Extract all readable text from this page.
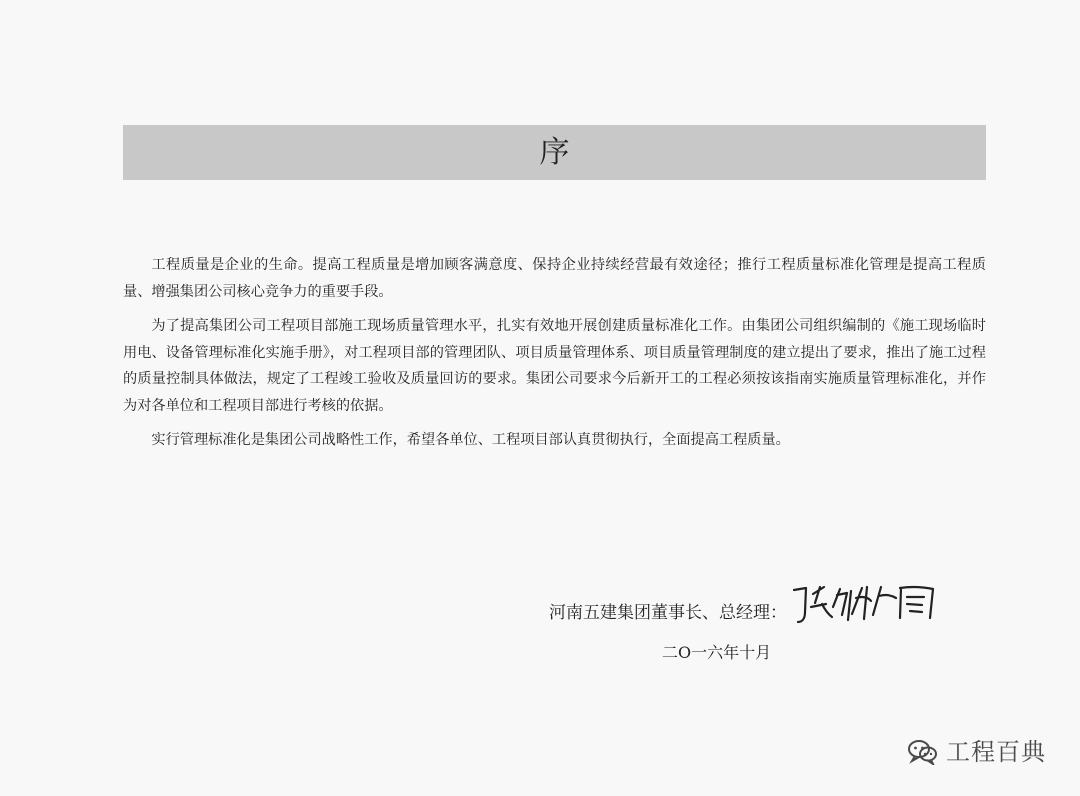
序

工程质量是企业的生命。提高工程质量是增加顾客满意度、保持企业持续经营最有效途径；推行工程质量标准化管理是提高工程质量、增强集团公司核心竞争力的重要手段。

为了提高集团公司工程项目部施工现场质量管理水平，扎实有效地开展创建质量标准化工作。由集团公司组织编制的《施工现场临时用电、设备管理标准化实施手册》，对工程项目部的管理团队、项目质量管理体系、项目质量管理制度的建立提出了要求，推出了施工过程的质量控制具体做法，规定了工程竣工验收及质量回访的要求。集团公司要求今后新开工的工程必须按该指南实施质量管理标准化，并作为对各单位和工程项目部进行考核的依据。

实行管理标准化是集团公司战略性工作，希望各单位、工程项目部认真贯彻执行，全面提高工程质量。

河南五建集团董事长、总经理：
二O一六年十月
工程百典
